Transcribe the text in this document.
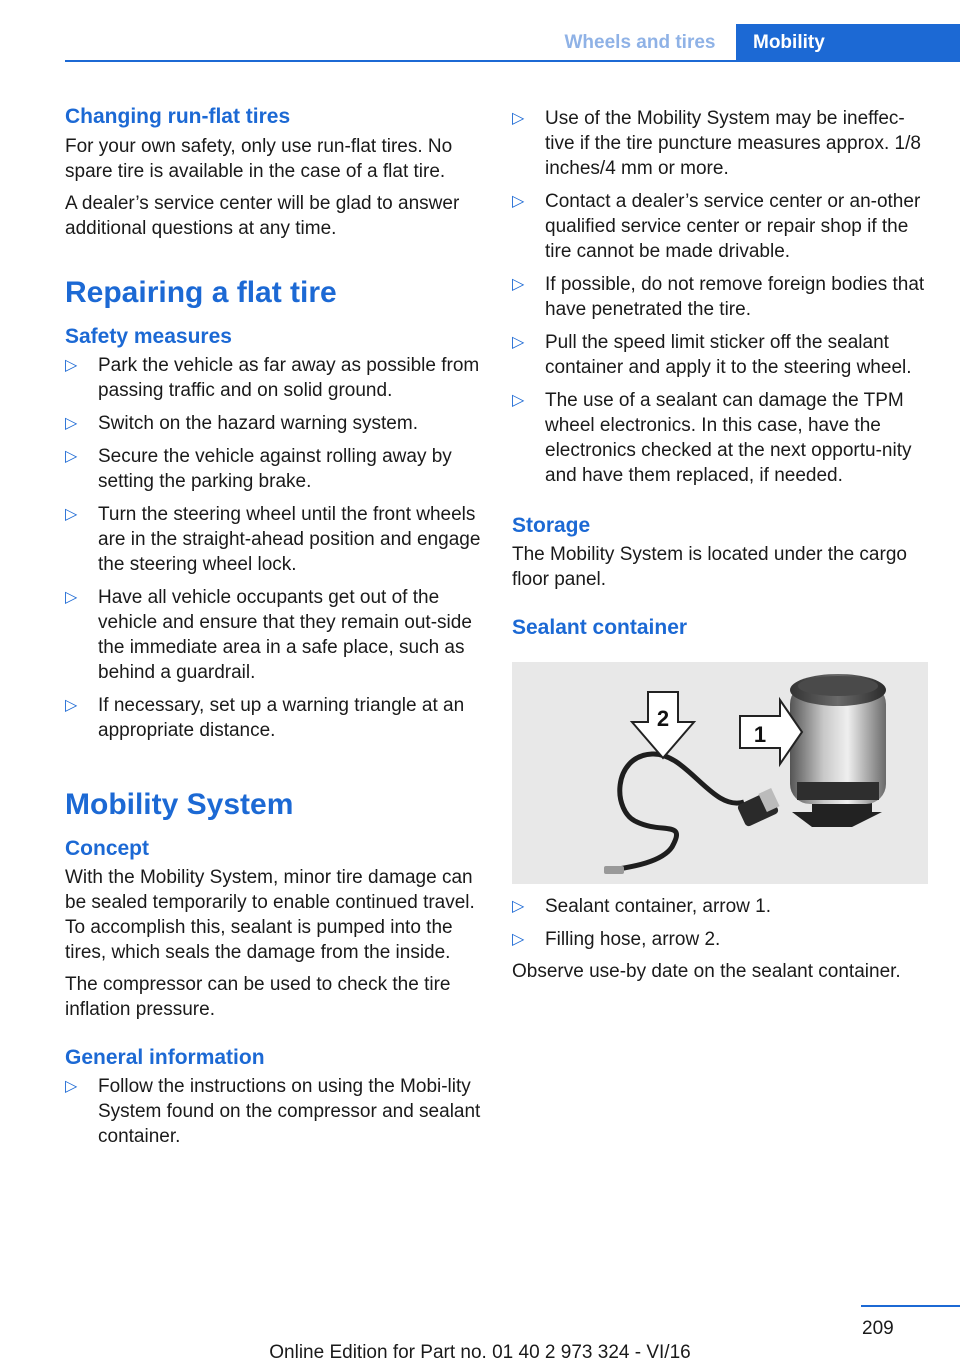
Wheels and tires	Mobility
Changing run-flat tires

For your own safety, only use run-flat tires. No spare tire is available in the case of a flat tire.

A dealer’s service center will be glad to answer additional questions at any time.

Repairing a flat tire
Safety measures
▷ Park the vehicle as far away as possible from passing traffic and on solid ground.
▷ Switch on the hazard warning system.
▷ Secure the vehicle against rolling away by setting the parking brake.
▷ Turn the steering wheel until the front wheels are in the straight-ahead position and engage the steering wheel lock.
▷ Have all vehicle occupants get out of the vehicle and ensure that they remain out‐side the immediate area in a safe place, such as behind a guardrail.
▷ If necessary, set up a warning triangle at an appropriate distance.
Mobility System
Concept

With the Mobility System, minor tire damage can be sealed temporarily to enable continued travel. To accomplish this, sealant is pumped into the tires, which seals the damage from the inside.

The compressor can be used to check the tire inflation pressure.

General information
▷ Follow the instructions on using the Mobi‐lity System found on the compressor and sealant container.
▷ Use of the Mobility System may be ineffec‐tive if the tire puncture measures approx. 1/8 inches/4 mm or more.
▷ Contact a dealer’s service center or an‐other qualified service center or repair shop if the tire cannot be made drivable.
▷ If possible, do not remove foreign bodies that have penetrated the tire.
▷ Pull the speed limit sticker off the sealant container and apply it to the steering wheel.
▷ The use of a sealant can damage the TPM wheel electronics. In this case, have the electronics checked at the next opportu‐nity and have them replaced, if needed.
Storage

The Mobility System is located under the cargo floor panel.

Sealant container
1
2
▷ Sealant container, arrow 1.
▷ Filling hose, arrow 2.

Observe use-by date on the sealant container.

209
Online Edition for Part no. 01 40 2 973 324 - VI/16
